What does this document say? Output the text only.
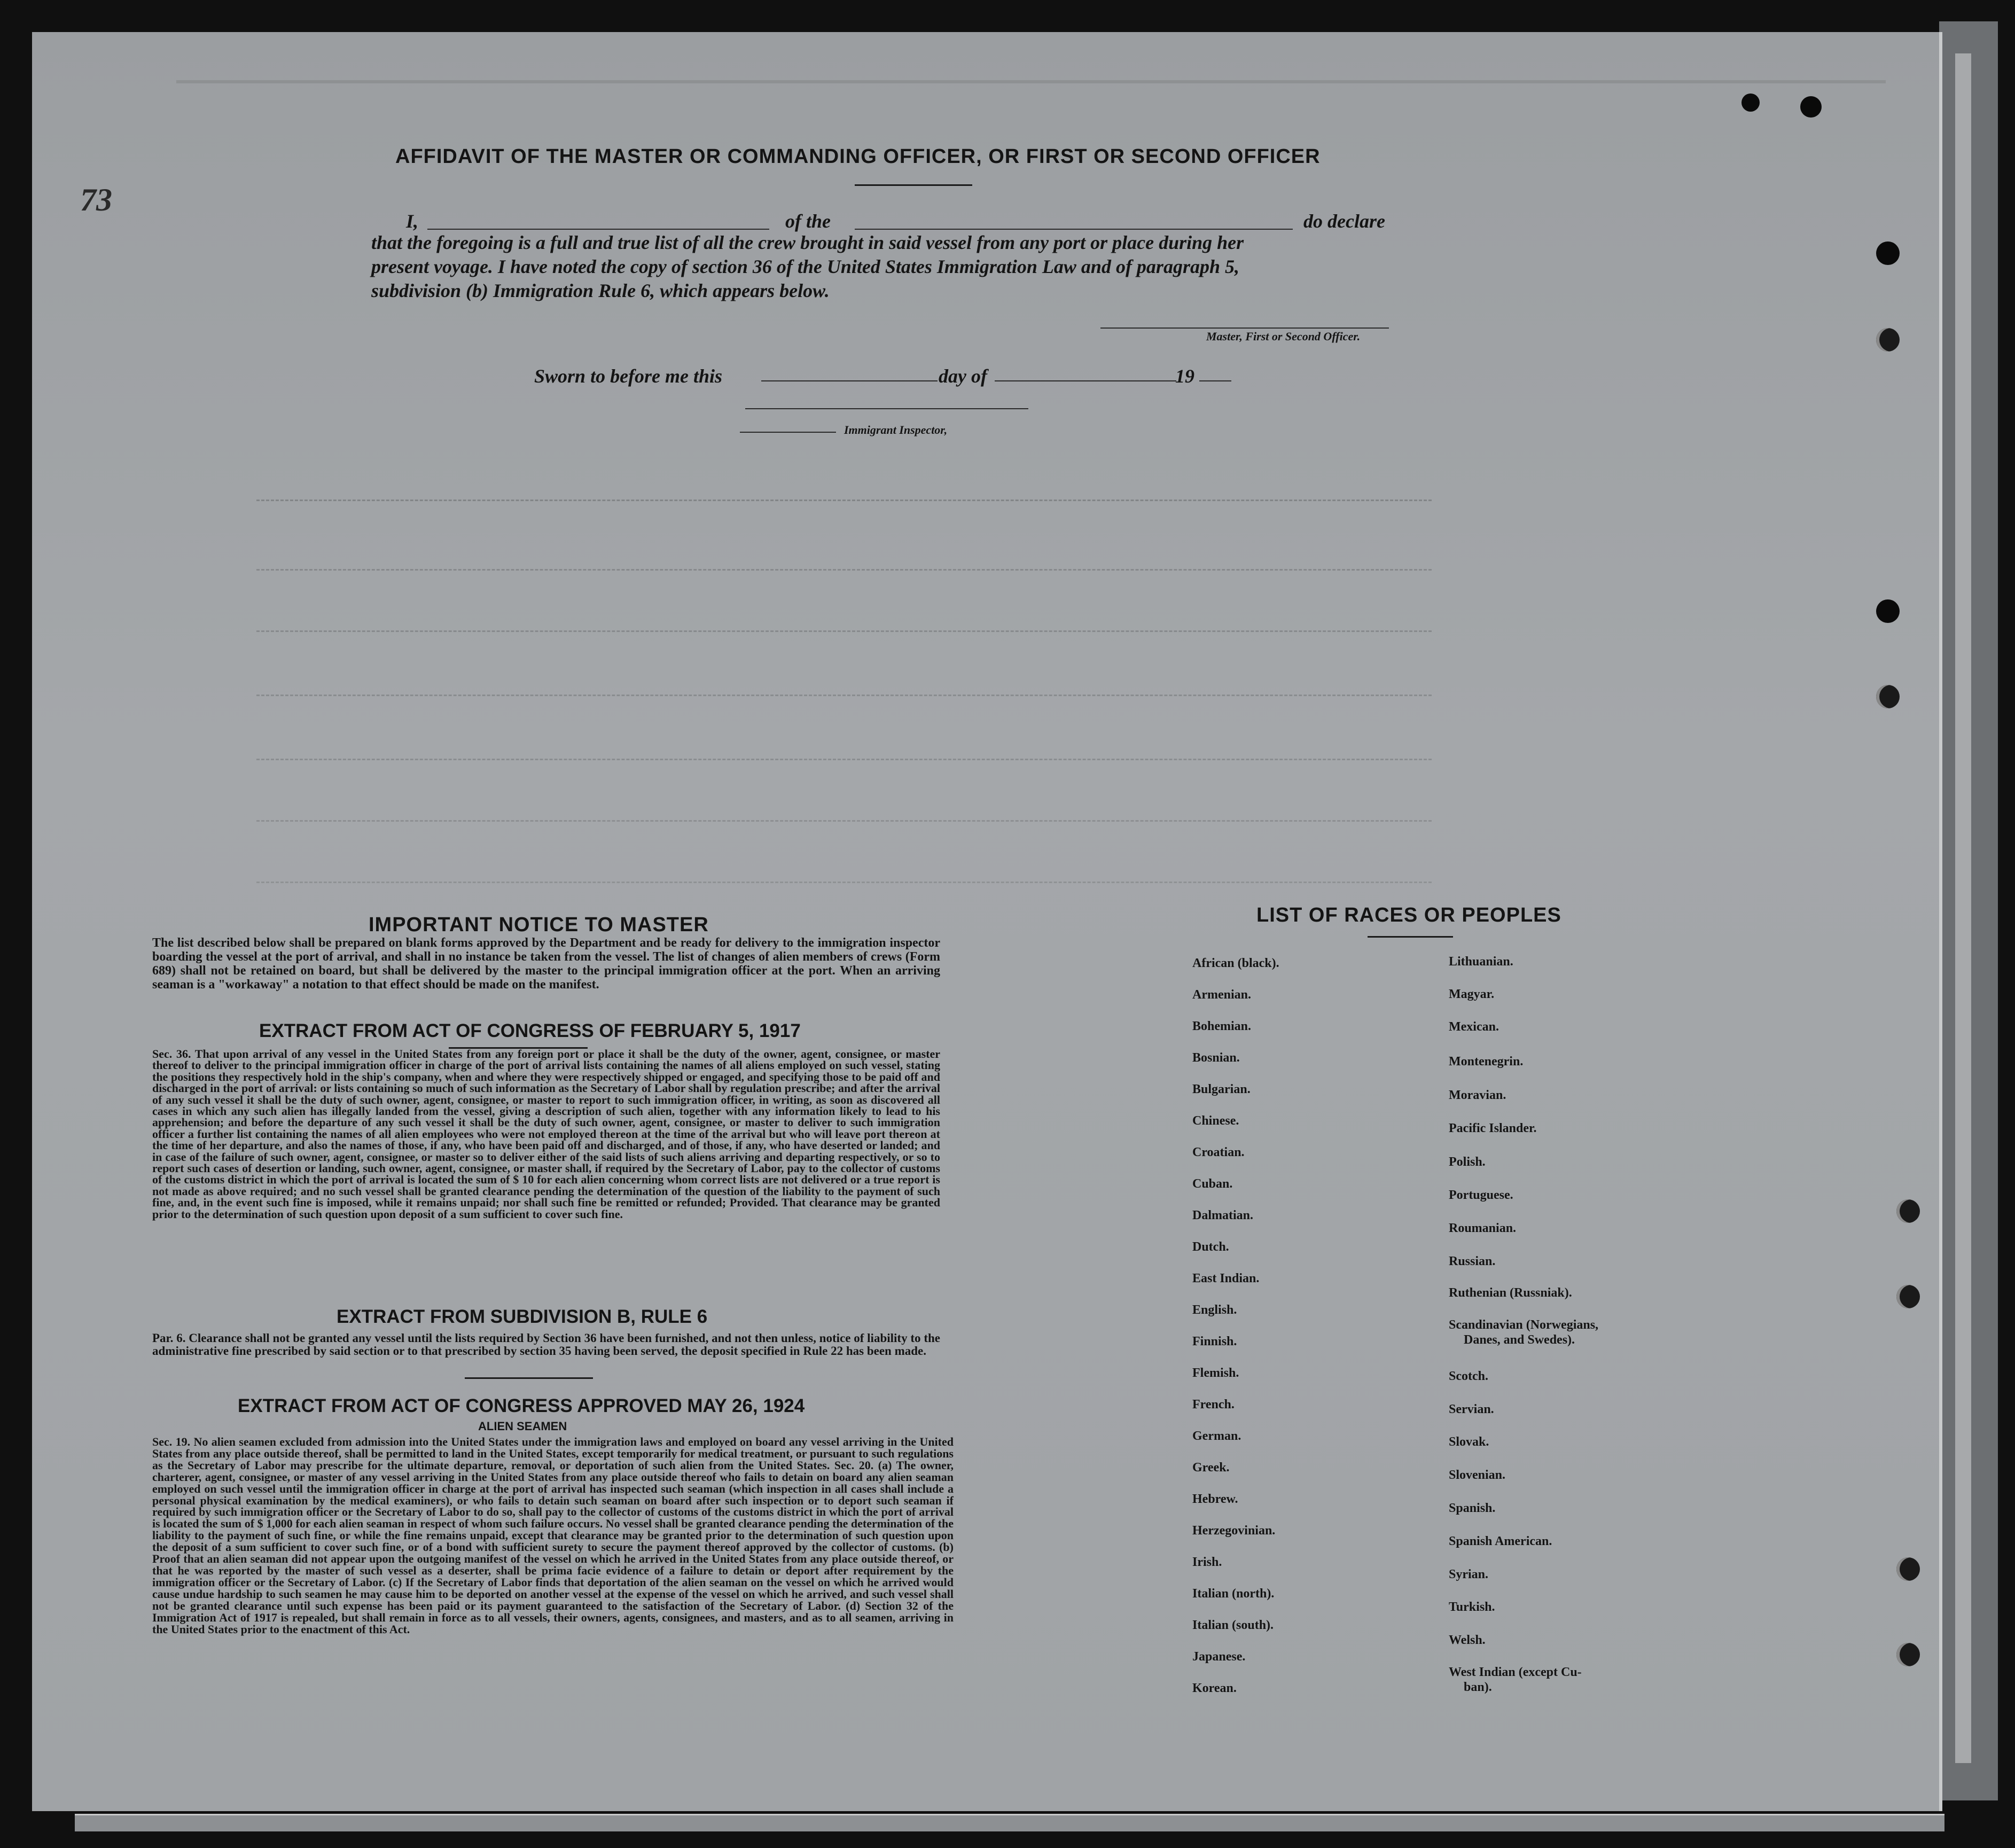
73
AFFIDAVIT OF THE MASTER OR COMMANDING OFFICER, OR FIRST OR SECOND OFFICER
I,	of the	do declare
that the foregoing is a full and true list of all the crew brought in said vessel from any port or place during her
present voyage. I have noted the copy of section 36 of the United States Immigration Law and of paragraph 5,
subdivision (b) Immigration Rule 6, which appears below.
Master, First or Second Officer.
Sworn to before me this	day of	19
Immigrant Inspector,
IMPORTANT NOTICE TO MASTER
The list described below shall be prepared on blank forms approved by the Department and be ready for delivery to the immigration inspector boarding the vessel at the port of arrival, and shall in no instance be taken from the vessel. The list of changes of alien members of crews (Form 689) shall not be retained on board, but shall be delivered by the master to the principal immigration officer at the port. When an arriving seaman is a "workaway" a notation to that effect should be made on the manifest.
EXTRACT FROM ACT OF CONGRESS OF FEBRUARY 5, 1917
Sec. 36. That upon arrival of any vessel in the United States from any foreign port or place it shall be the duty of the owner, agent, consignee, or master thereof to deliver to the principal immigration officer in charge of the port of arrival lists containing the names of all aliens employed on such vessel, stating the positions they respectively hold in the ship's company, when and where they were respectively shipped or engaged, and specifying those to be paid off and discharged in the port of arrival: or lists containing so much of such information as the Secretary of Labor shall by regulation prescribe; and after the arrival of any such vessel it shall be the duty of such owner, agent, consignee, or master to report to such immigration officer, in writing, as soon as discovered all cases in which any such alien has illegally landed from the vessel, giving a description of such alien, together with any information likely to lead to his apprehension; and before the departure of any such vessel it shall be the duty of such owner, agent, consignee, or master to deliver to such immigration officer a further list containing the names of all alien employees who were not employed thereon at the time of the arrival but who will leave port thereon at the time of her departure, and also the names of those, if any, who have been paid off and discharged, and of those, if any, who have deserted or landed; and in case of the failure of such owner, agent, consignee, or master so to deliver either of the said lists of such aliens arriving and departing respectively, or so to report such cases of desertion or landing, such owner, agent, consignee, or master shall, if required by the Secretary of Labor, pay to the collector of customs of the customs district in which the port of arrival is located the sum of $ 10 for each alien concerning whom correct lists are not delivered or a true report is not made as above required; and no such vessel shall be granted clearance pending the determination of the question of the liability to the payment of such fine, and, in the event such fine is imposed, while it remains unpaid; nor shall such fine be remitted or refunded; Provided. That clearance may be granted prior to the determination of such question upon deposit of a sum sufficient to cover such fine.
EXTRACT FROM SUBDIVISION B, RULE 6
Par. 6. Clearance shall not be granted any vessel until the lists required by Section 36 have been furnished, and not then unless, notice of liability to the administrative fine prescribed by said section or to that prescribed by section 35 having been served, the deposit specified in Rule 22 has been made.
EXTRACT FROM ACT OF CONGRESS APPROVED MAY 26, 1924
ALIEN SEAMEN
Sec. 19. No alien seamen excluded from admission into the United States under the immigration laws and employed on board any vessel arriving in the United States from any place outside thereof, shall be permitted to land in the United States, except temporarily for medical treatment, or pursuant to such regulations as the Secretary of Labor may prescribe for the ultimate departure, removal, or deportation of such alien from the United States. Sec. 20. (a) The owner, charterer, agent, consignee, or master of any vessel arriving in the United States from any place outside thereof who fails to detain on board any alien seaman employed on such vessel until the immigration officer in charge at the port of arrival has inspected such seaman (which inspection in all cases shall include a personal physical examination by the medical examiners), or who fails to detain such seaman on board after such inspection or to deport such seaman if required by such immigration officer or the Secretary of Labor to do so, shall pay to the collector of customs of the customs district in which the port of arrival is located the sum of $ 1,000 for each alien seaman in respect of whom such failure occurs. No vessel shall be granted clearance pending the determination of the liability to the payment of such fine, or while the fine remains unpaid, except that clearance may be granted prior to the determination of such question upon the deposit of a sum sufficient to cover such fine, or of a bond with sufficient surety to secure the payment thereof approved by the collector of customs. (b) Proof that an alien seaman did not appear upon the outgoing manifest of the vessel on which he arrived in the United States from any place outside thereof, or that he was reported by the master of such vessel as a deserter, shall be prima facie evidence of a failure to detain or deport after requirement by the immigration officer or the Secretary of Labor. (c) If the Secretary of Labor finds that deportation of the alien seaman on the vessel on which he arrived would cause undue hardship to such seamen he may cause him to be deported on another vessel at the expense of the vessel on which he arrived, and such vessel shall not be granted clearance until such expense has been paid or its payment guaranteed to the satisfaction of the Secretary of Labor. (d) Section 32 of the Immigration Act of 1917 is repealed, but shall remain in force as to all vessels, their owners, agents, consignees, and masters, and as to all seamen, arriving in the United States prior to the enactment of this Act.
LIST OF RACES OR PEOPLES
African (black).
Armenian.
Bohemian.
Bosnian.
Bulgarian.
Chinese.
Croatian.
Cuban.
Dalmatian.
Dutch.
East Indian.
English.
Finnish.
Flemish.
French.
German.
Greek.
Hebrew.
Herzegovinian.
Irish.
Italian (north).
Italian (south).
Japanese.
Korean.
Lithuanian.
Magyar.
Mexican.
Montenegrin.
Moravian.
Pacific Islander.
Polish.
Portuguese.
Roumanian.
Russian.
Ruthenian (Russniak).
Scandinavian (Norwegians,
Danes, and Swedes).
Scotch.
Servian.
Slovak.
Slovenian.
Spanish.
Spanish American.
Syrian.
Turkish.
Welsh.
West Indian (except Cu-
ban).
